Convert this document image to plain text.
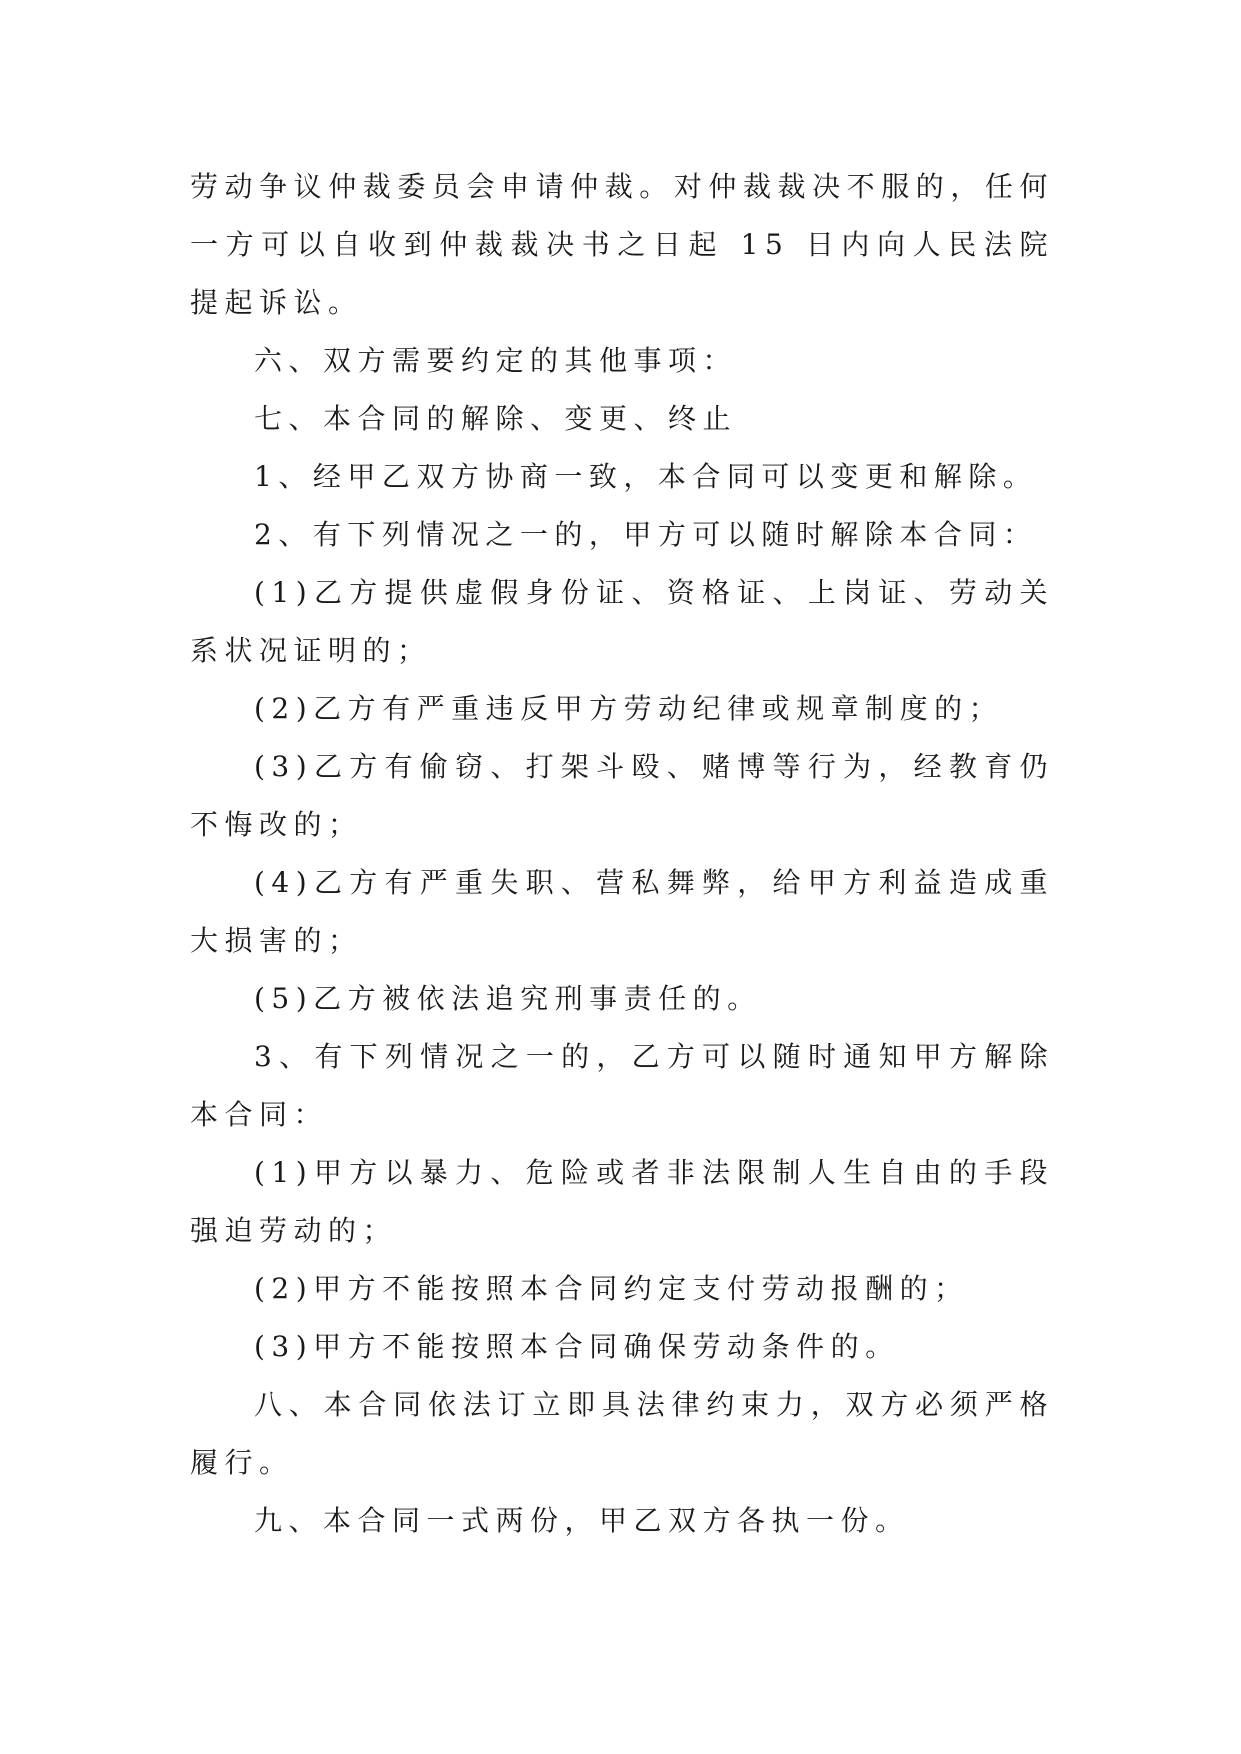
劳动争议仲裁委员会申请仲裁。对仲裁裁决不服的，任何一方可以自收到仲裁裁决书之日起 15 日内向人民法院提起诉讼。

六、双方需要约定的其他事项：

七、本合同的解除、变更、终止

1、经甲乙双方协商一致，本合同可以变更和解除。

2、有下列情况之一的，甲方可以随时解除本合同：

(1)乙方提供虚假身份证、资格证、上岗证、劳动关系状况证明的；

(2)乙方有严重违反甲方劳动纪律或规章制度的；

(3)乙方有偷窃、打架斗殴、赌博等行为，经教育仍不悔改的；

(4)乙方有严重失职、营私舞弊，给甲方利益造成重大损害的；

(5)乙方被依法追究刑事责任的。

3、有下列情况之一的，乙方可以随时通知甲方解除本合同：

(1)甲方以暴力、危险或者非法限制人生自由的手段强迫劳动的；

(2)甲方不能按照本合同约定支付劳动报酬的；

(3)甲方不能按照本合同确保劳动条件的。

八、本合同依法订立即具法律约束力，双方必须严格履行。

九、本合同一式两份，甲乙双方各执一份。
